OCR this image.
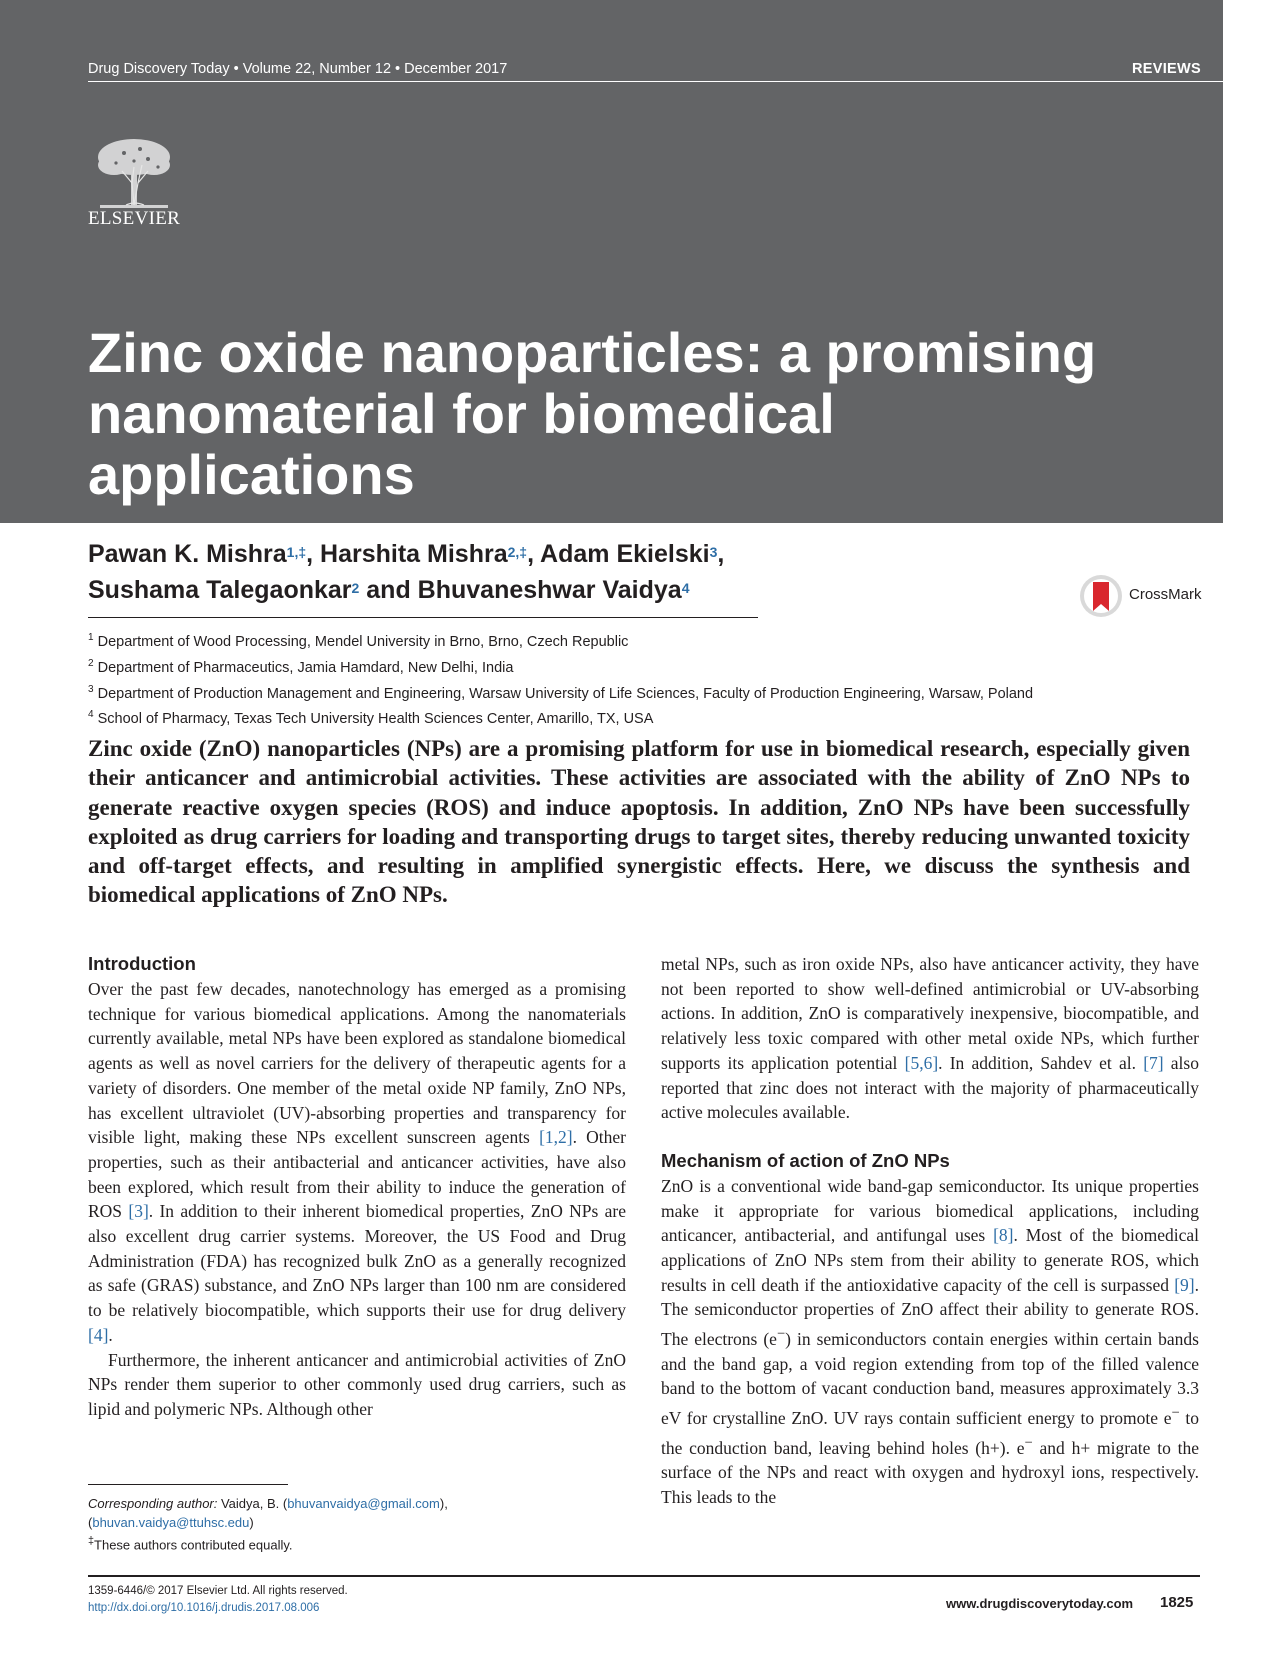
Drug Discovery Today • Volume 22, Number 12 • December 2017	REVIEWS
ELSEVIER
Zinc oxide nanoparticles: a promising nanomaterial for biomedical applications	Reviews • POST SCREEN
Pawan K. Mishra$^{1,\ddagger}$, Harshita Mishra$^{2,\ddagger}$, Adam Ekielski$^3$,
Sushama Talegaonkar$^2$ and Bhuvaneshwar Vaidya$^4$	CrossMark
$^1$ Department of Wood Processing, Mendel University in Brno, Brno, Czech Republic
$^2$ Department of Pharmaceutics, Jamia Hamdard, New Delhi, India
$^3$ Department of Production Management and Engineering, Warsaw University of Life Sciences, Faculty of Production Engineering, Warsaw, Poland
$^4$ School of Pharmacy, Texas Tech University Health Sciences Center, Amarillo, TX, USA
Zinc oxide (ZnO) nanoparticles (NPs) are a promising platform for use in biomedical research, especially given their anticancer and antimicrobial activities. These activities are associated with the ability of ZnO NPs to generate reactive oxygen species (ROS) and induce apoptosis. In addition, ZnO NPs have been successfully exploited as drug carriers for loading and transporting drugs to target sites, thereby reducing unwanted toxicity and off-target effects, and resulting in amplified synergistic effects. Here, we discuss the synthesis and biomedical applications of ZnO NPs.
Introduction

Over the past few decades, nanotechnology has emerged as a promising technique for various biomedical applications. Among the nanomaterials currently available, metal NPs have been explored as standalone biomedical agents as well as novel carriers for the delivery of therapeutic agents for a variety of disorders. One member of the metal oxide NP family, ZnO NPs, has excellent ultraviolet (UV)-absorbing properties and transparency for visible light, making these NPs excellent sunscreen agents [1,2]. Other properties, such as their antibacterial and anticancer activities, have also been explored, which result from their ability to induce the generation of ROS [3]. In addition to their inherent biomedical properties, ZnO NPs are also excellent drug carrier systems. Moreover, the US Food and Drug Administration (FDA) has recognized bulk ZnO as a generally recognized as safe (GRAS) substance, and ZnO NPs larger than 100 nm are considered to be relatively biocompatible, which supports their use for drug delivery [4].

Furthermore, the inherent anticancer and antimicrobial activities of ZnO NPs render them superior to other commonly used drug carriers, such as lipid and polymeric NPs. Although other

metal NPs, such as iron oxide NPs, also have anticancer activity, they have not been reported to show well-defined antimicrobial or UV-absorbing actions. In addition, ZnO is comparatively inexpensive, biocompatible, and relatively less toxic compared with other metal oxide NPs, which further supports its application potential [5,6]. In addition, Sahdev et al. [7] also reported that zinc does not interact with the majority of pharmaceutically active molecules available.

Mechanism of action of ZnO NPs

ZnO is a conventional wide band-gap semiconductor. Its unique properties make it appropriate for various biomedical applications, including anticancer, antibacterial, and antifungal uses [8]. Most of the biomedical applications of ZnO NPs stem from their ability to generate ROS, which results in cell death if the antioxidative capacity of the cell is surpassed [9]. The semiconductor properties of ZnO affect their ability to generate ROS. The electrons (e−) in semiconductors contain energies within certain bands and the band gap, a void region extending from top of the filled valence band to the bottom of vacant conduction band, measures approximately 3.3 eV for crystalline ZnO. UV rays contain sufficient energy to promote e− to the conduction band, leaving behind holes (h+). e− and h+ migrate to the surface of the NPs and react with oxygen and hydroxyl ions, respectively. This leads to the

Corresponding author: Vaidya, B. (bhuvanvaidya@gmail.com),
(bhuvan.vaidya@ttuhsc.edu)
‡These authors contributed equally.
1359-6446/© 2017 Elsevier Ltd. All rights reserved.
http://dx.doi.org/10.1016/j.drudis.2017.08.006	www.drugdiscoverytoday.com 1825
